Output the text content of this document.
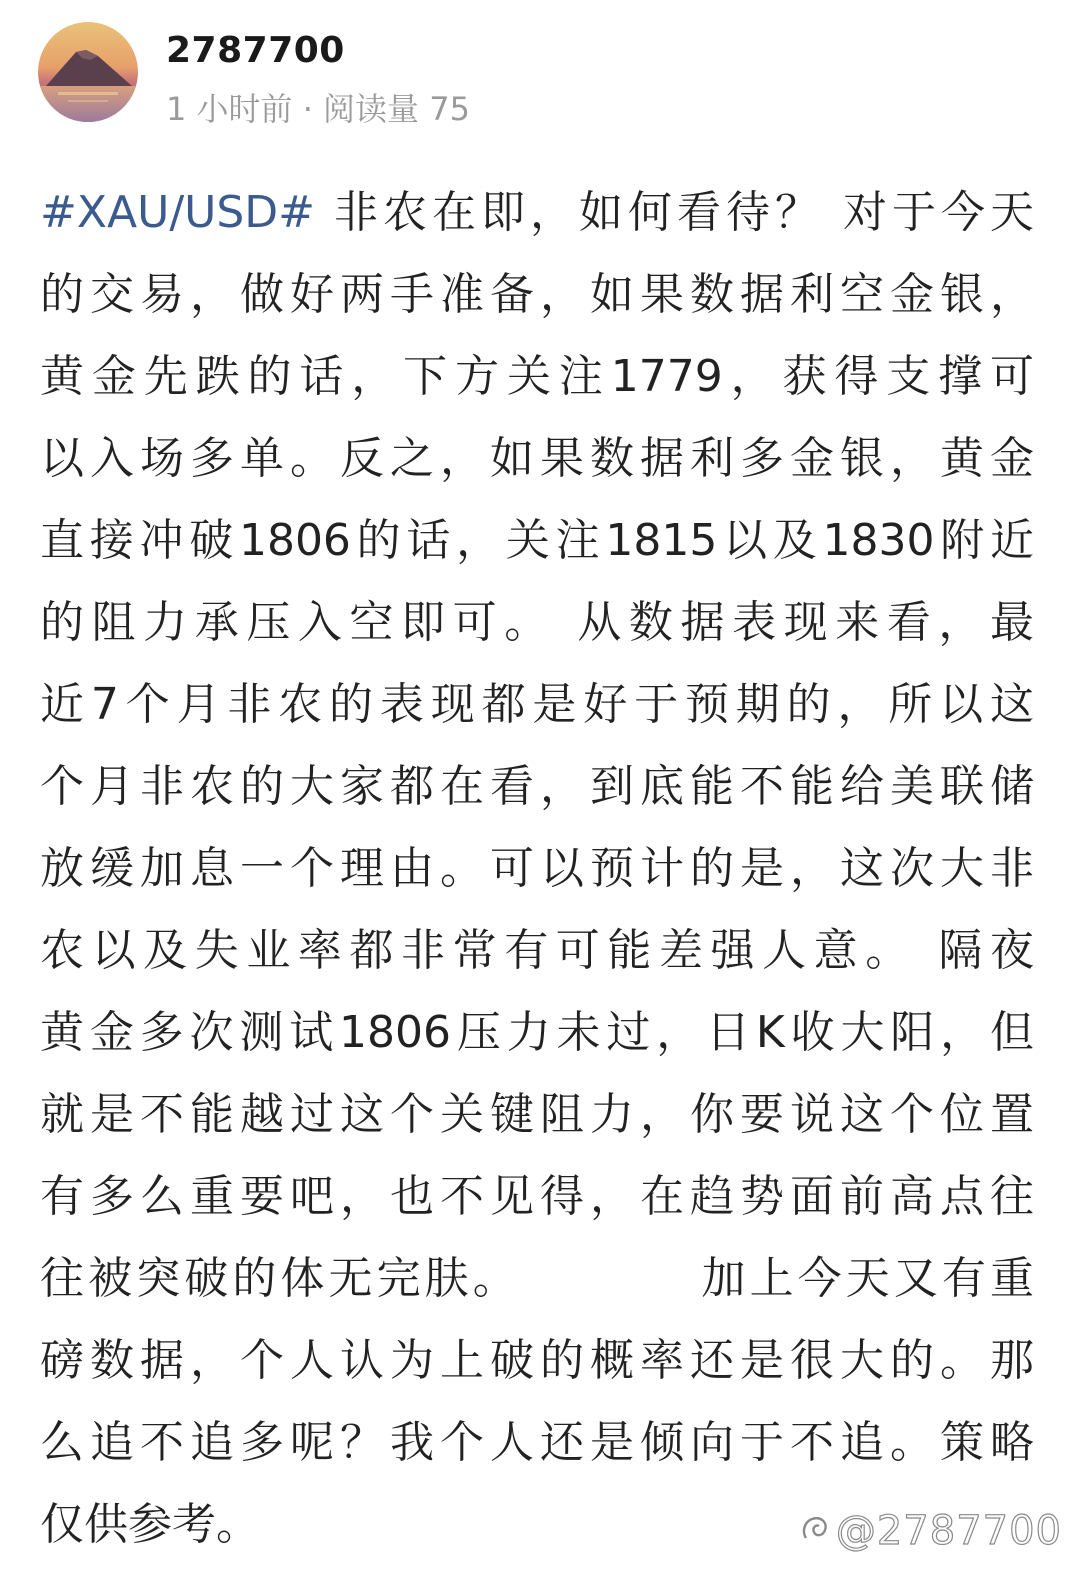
2787700
1 小时前 · 阅读量 75
#XAU/USD# 非农在即，如何看待？ 对于今天
的交易，做好两手准备，如果数据利空金银，
黄金先跌的话，下方关注1779，获得支撑可
以入场多单。反之，如果数据利多金银，黄金
直接冲破1806的话，关注1815以及1830附近
的阻力承压入空即可。 从数据表现来看，最
近7个月非农的表现都是好于预期的，所以这
个月非农的大家都在看，到底能不能给美联储
放缓加息一个理由。可以预计的是，这次大非
农以及失业率都非常有可能差强人意。 隔夜
黄金多次测试1806压力未过，日K收大阳，但
就是不能越过这个关键阻力，你要说这个位置
有多么重要吧，也不见得，在趋势面前高点往
往被突破的体无完肤。          加上今天又有重
磅数据，个人认为上破的概率还是很大的。那
么追不追多呢？我个人还是倾向于不追。策略
仅供参考。	@2787700
